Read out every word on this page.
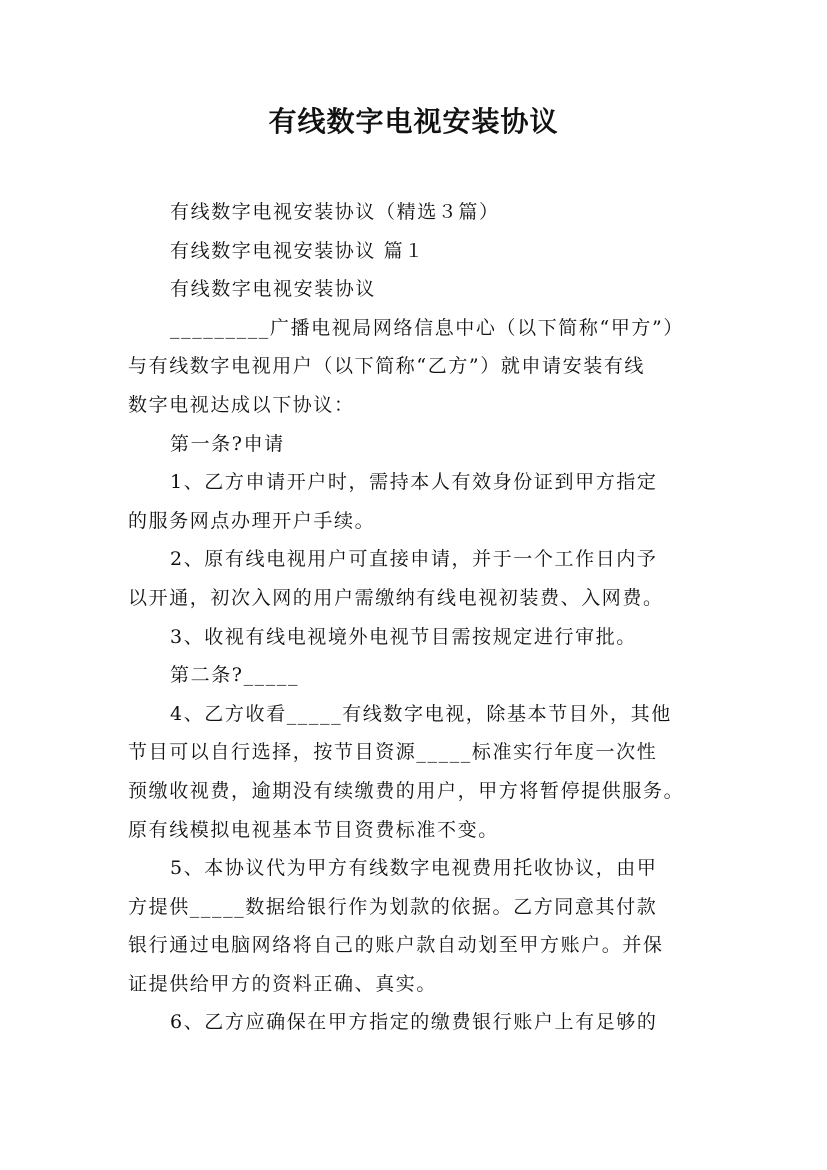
有线数字电视安装协议
有线数字电视安装协议（精选３篇）
有线数字电视安装协议 篇１
有线数字电视安装协议
_________广播电视局网络信息中心（以下简称“甲方”）
与有线数字电视用户（以下简称“乙方”）就申请安装有线
数字电视达成以下协议：
第一条?申请
1、乙方申请开户时，需持本人有效身份证到甲方指定
的服务网点办理开户手续。
2、原有线电视用户可直接申请，并于一个工作日内予
以开通，初次入网的用户需缴纳有线电视初装费、入网费。
3、收视有线电视境外电视节目需按规定进行审批。
第二条?_____
4、乙方收看_____有线数字电视，除基本节目外，其他
节目可以自行选择，按节目资源_____标准实行年度一次性
预缴收视费，逾期没有续缴费的用户，甲方将暂停提供服务。
原有线模拟电视基本节目资费标准不变。
5、本协议代为甲方有线数字电视费用托收协议，由甲
方提供_____数据给银行作为划款的依据。乙方同意其付款
银行通过电脑网络将自己的账户款自动划至甲方账户。并保
证提供给甲方的资料正确、真实。
6、乙方应确保在甲方指定的缴费银行账户上有足够的
